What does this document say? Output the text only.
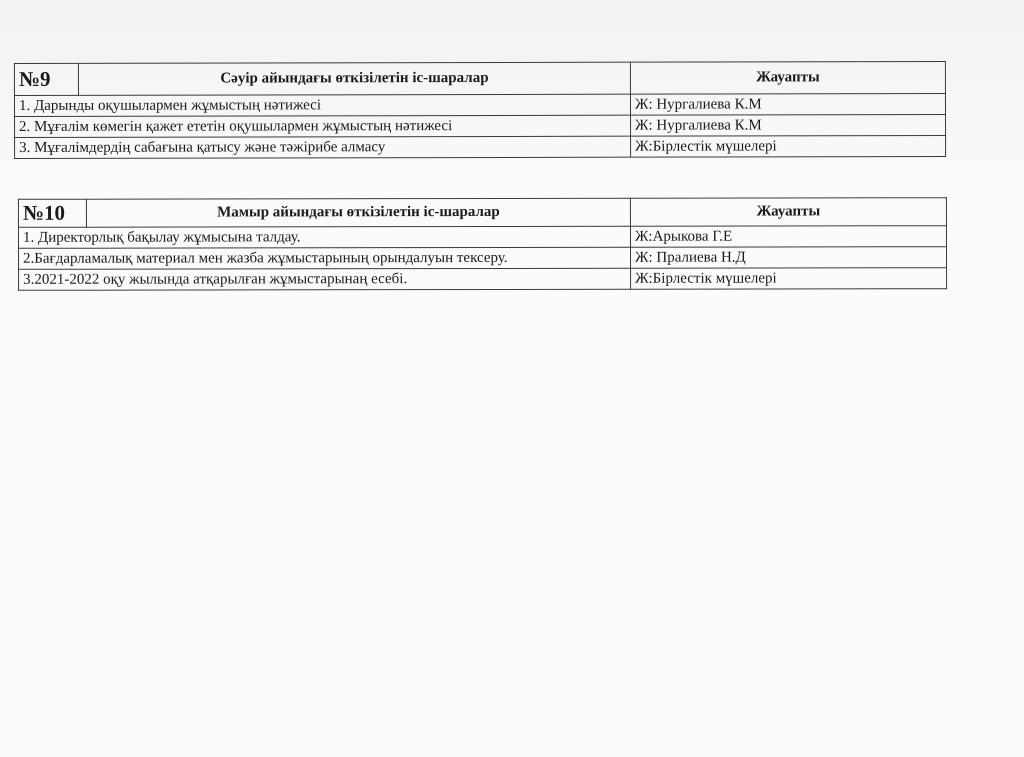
№9	Сәуір айындағы өткізілетін іс-шаралар	Жауапты
1. Дарынды оқушылармен жұмыстың нәтижесі		Ж: Нургалиева К.М
2. Мұғалім көмегін қажет ететін оқушылармен жұмыстың нәтижесі		Ж: Нургалиева К.М
3. Мұғалімдердің сабағына қатысу және тәжірибе алмасу		Ж:Бірлестік мүшелері
№10	Мамыр айындағы өткізілетін іс-шаралар	Жауапты
1. Директорлық бақылау жұмысына талдау.		Ж:Арыкова Г.Е
2.Бағдарламалық материал мен жазба жұмыстарының орындалуын тексеру.		Ж: Пралиева Н.Д
3.2021-2022 оқу жылында атқарылған жұмыстарынаң есебі.		Ж:Бірлестік мүшелері
